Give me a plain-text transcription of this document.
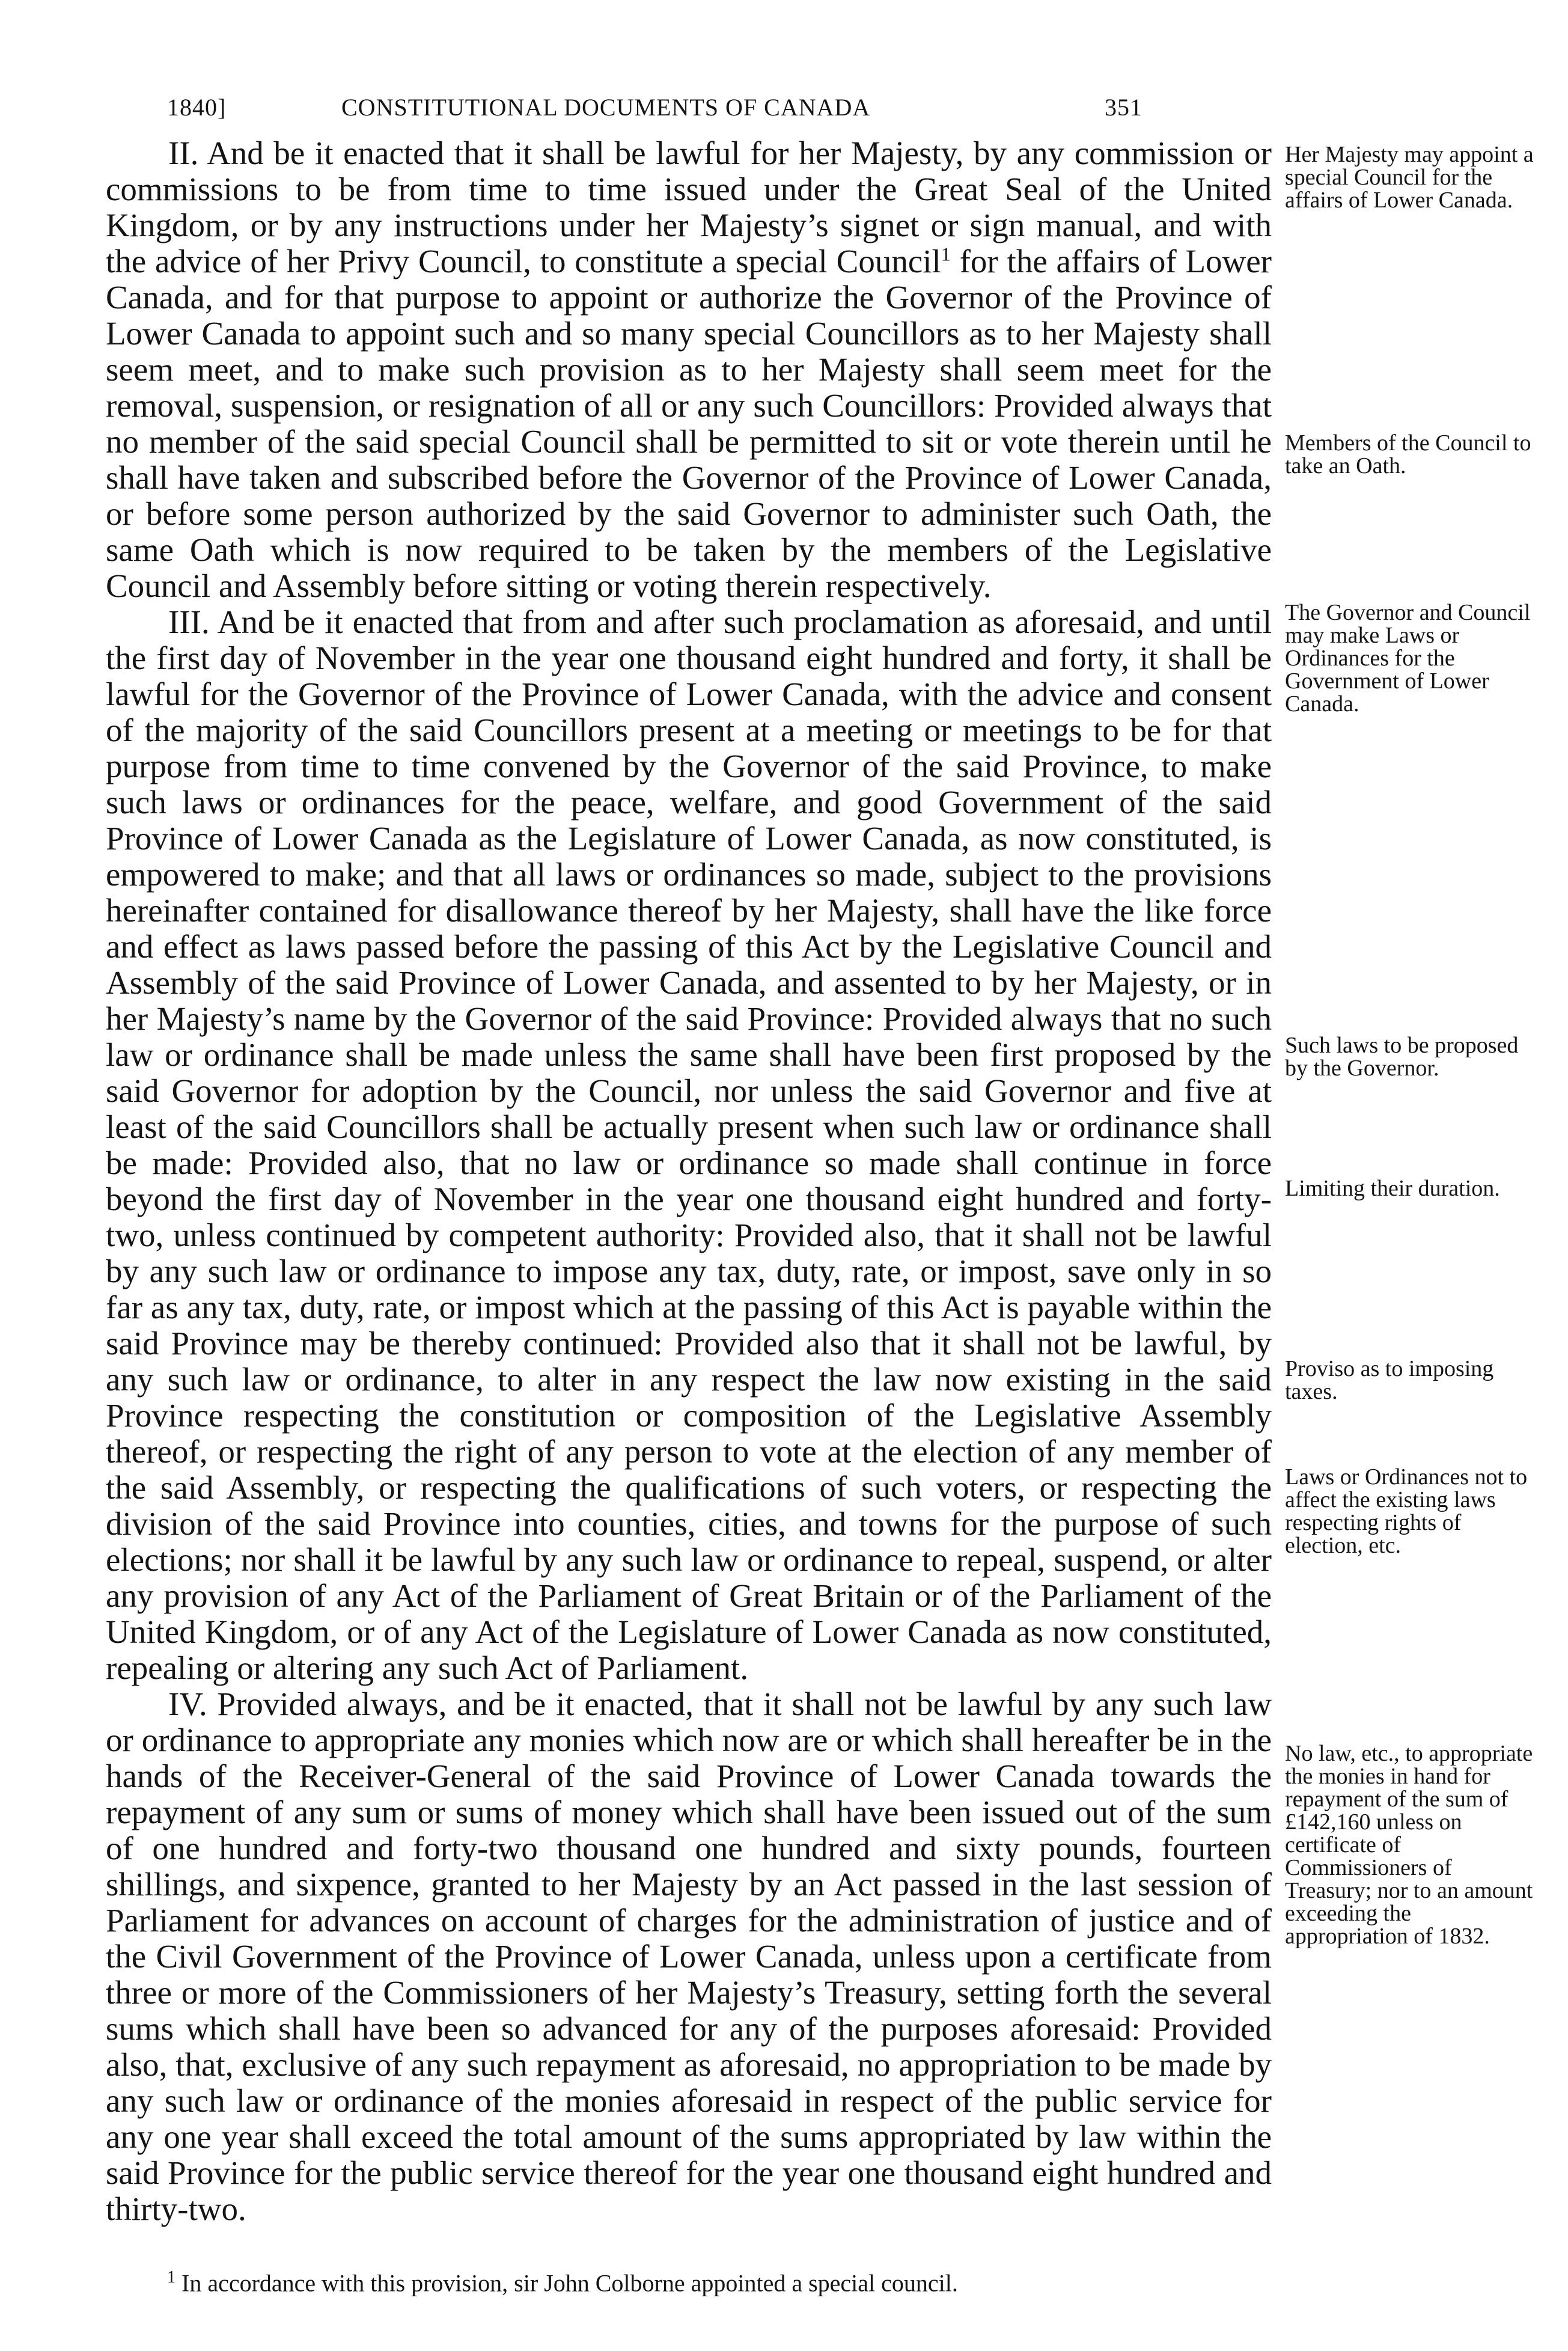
1840]	CONSTITUTIONAL DOCUMENTS OF CANADA	351

II. And be it enacted that it shall be lawful for her Majesty, by any commission or commissions to be from time to time issued under the Great Seal of the United Kingdom, or by any instructions under her Majesty’s signet or sign manual, and with the advice of her Privy Council, to constitute a special Council$^1$ for the affairs of Lower Canada, and for that purpose to appoint or authorize the Governor of the Province of Lower Canada to appoint such and so many special Councillors as to her Majesty shall seem meet, and to make such provision as to her Majesty shall seem meet for the removal, suspension, or resignation of all or any such Councillors: Provided always that no member of the said special Council shall be permitted to sit or vote therein until he shall have taken and subscribed before the Governor of the Province of Lower Canada, or before some person authorized by the said Governor to administer such Oath, the same Oath which is now required to be taken by the members of the Legislative Council and Assembly before sitting or voting therein respectively.

III. And be it enacted that from and after such proclamation as aforesaid, and until the first day of November in the year one thousand eight hundred and forty, it shall be lawful for the Governor of the Province of Lower Canada, with the advice and consent of the majority of the said Councillors present at a meeting or meetings to be for that purpose from time to time convened by the Governor of the said Province, to make such laws or ordinances for the peace, welfare, and good Government of the said Province of Lower Canada as the Legislature of Lower Canada, as now constituted, is empowered to make; and that all laws or ordinances so made, subject to the provisions hereinafter contained for disallowance thereof by her Majesty, shall have the like force and effect as laws passed before the passing of this Act by the Legislative Council and Assembly of the said Province of Lower Canada, and assented to by her Majesty, or in her Majesty’s name by the Governor of the said Province: Provided always that no such law or ordinance shall be made unless the same shall have been first proposed by the said Governor for adoption by the Council, nor unless the said Governor and five at least of the said Councillors shall be actually present when such law or ordinance shall be made: Provided also, that no law or ordinance so made shall continue in force beyond the first day of November in the year one thousand eight hundred and forty-two, unless continued by competent authority: Provided also, that it shall not be lawful by any such law or ordinance to impose any tax, duty, rate, or impost, save only in so far as any tax, duty, rate, or impost which at the passing of this Act is payable within the said Province may be thereby continued: Provided also that it shall not be lawful, by any such law or ordinance, to alter in any respect the law now existing in the said Province respecting the constitution or composition of the Legislative Assembly thereof, or respecting the right of any person to vote at the election of any member of the said Assembly, or respecting the qualifications of such voters, or respecting the division of the said Province into counties, cities, and towns for the purpose of such elections; nor shall it be lawful by any such law or ordinance to repeal, suspend, or alter any provision of any Act of the Parliament of Great Britain or of the Parliament of the United Kingdom, or of any Act of the Legislature of Lower Canada as now constituted, repealing or altering any such Act of Parliament.

IV. Provided always, and be it enacted, that it shall not be lawful by any such law or ordinance to appropriate any monies which now are or which shall hereafter be in the hands of the Receiver-General of the said Province of Lower Canada towards the repayment of any sum or sums of money which shall have been issued out of the sum of one hundred and forty-two thousand one hundred and sixty pounds, fourteen shillings, and sixpence, granted to her Majesty by an Act passed in the last session of Parliament for advances on account of charges for the administration of justice and of the Civil Government of the Province of Lower Canada, unless upon a certificate from three or more of the Commissioners of her Majesty’s Treasury, setting forth the several sums which shall have been so advanced for any of the purposes aforesaid: Provided also, that, exclusive of any such repayment as aforesaid, no appropriation to be made by any such law or ordinance of the monies aforesaid in respect of the public service for any one year shall exceed the total amount of the sums appropriated by law within the said Province for the public service thereof for the year one thousand eight hundred and thirty-two.

Her Majesty may appoint a special Council for the affairs of Lower Canada.

Members of the Council to take an Oath.

The Governor and Council may make Laws or Ordinances for the Government of Lower Canada.

Such laws to be proposed by the Governor.

Limiting their duration.

Proviso as to imposing taxes.

Laws or Ordinances not to affect the existing laws respecting rights of election, etc.

No law, etc., to appropriate the monies in hand for repayment of the sum of £142,160 unless on certificate of Commissioners of Treasury; nor to an amount exceeding the appropriation of 1832.

$^1$ In accordance with this provision, sir John Colborne appointed a special council.
